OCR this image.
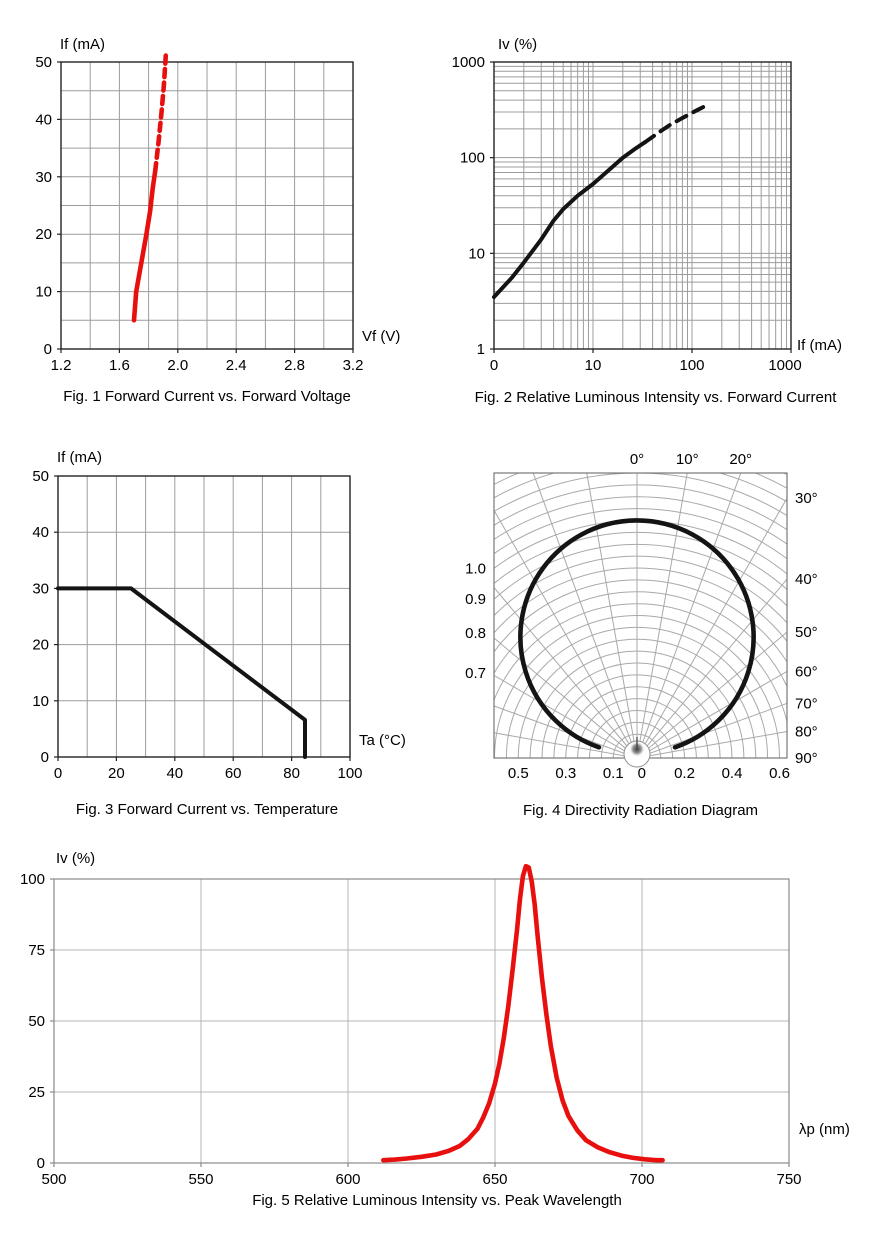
1.2	1.6	2.0	2.4	2.8	3.2
0
10
20
30
40
50
0	10	100	1000
1
10
100
1000
0	20	40	60	80	100
0
10
20
30
40
50
0° 10° 20°
30°
40°
50°
60°
70°
80°
90°
1.0
0.9
0.8
0.7
0.5 0.3 0.1 0 0.2 0.4 0.6
500	550	600	650	700	750
0
25
50
75
100
If (mA)
Vf (V)
Fig. 1 Forward Current vs. Forward Voltage
Iv (%)
If (mA)
Fig. 2 Relative Luminous Intensity vs. Forward Current
If (mA)
Ta (°C)
Fig. 3 Forward Current vs. Temperature	Fig. 4 Directivity Radiation Diagram
Iv (%)
λp (nm)
Fig. 5 Relative Luminous Intensity vs. Peak Wavelength
